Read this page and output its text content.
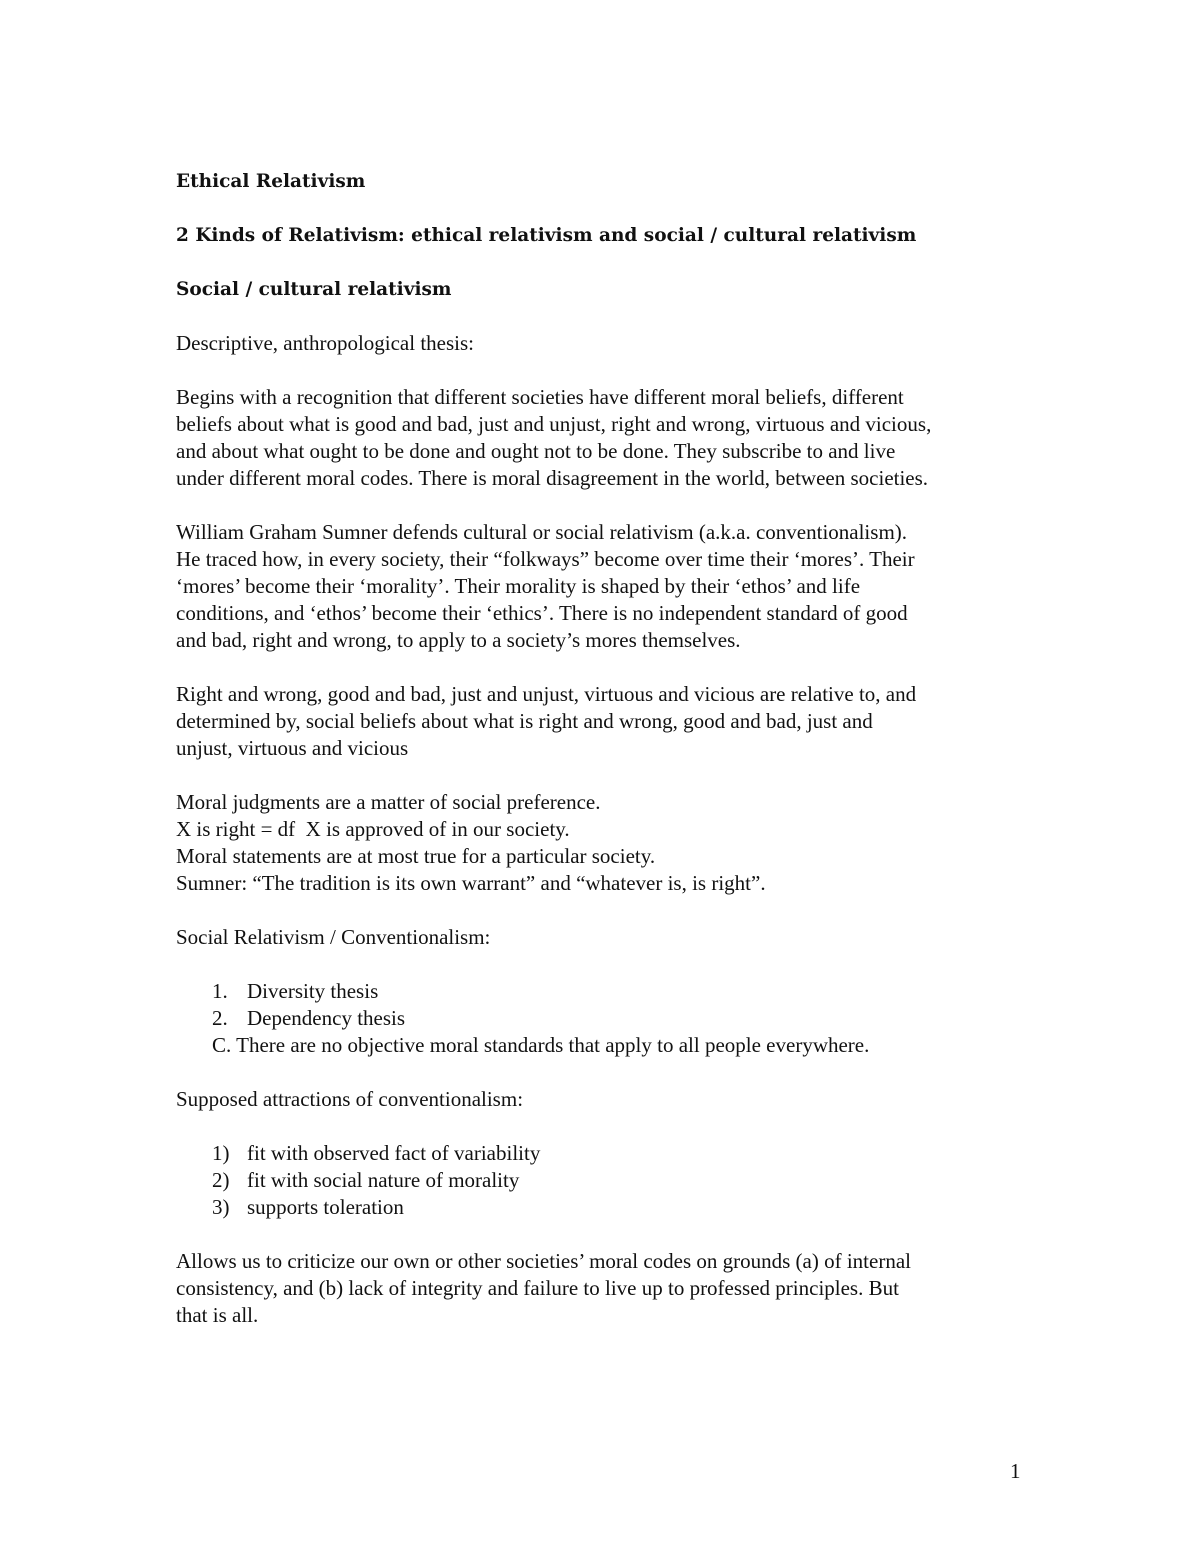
Ethical Relativism

2 Kinds of Relativism: ethical relativism and social / cultural relativism

Social / cultural relativism

Descriptive, anthropological thesis:

Begins with a recognition that different societies have different moral beliefs, different
beliefs about what is good and bad, just and unjust, right and wrong, virtuous and vicious,
and about what ought to be done and ought not to be done. They subscribe to and live
under different moral codes. There is moral disagreement in the world, between societies.

William Graham Sumner defends cultural or social relativism (a.k.a. conventionalism).
He traced how, in every society, their “folkways” become over time their ‘mores’. Their
‘mores’ become their ‘morality’. Their morality is shaped by their ‘ethos’ and life
conditions, and ‘ethos’ become their ‘ethics’. There is no independent standard of good
and bad, right and wrong, to apply to a society’s mores themselves.

Right and wrong, good and bad, just and unjust, virtuous and vicious are relative to, and
determined by, social beliefs about what is right and wrong, good and bad, just and
unjust, virtuous and vicious

Moral judgments are a matter of social preference.
X is right = df  X is approved of in our society.
Moral statements are at most true for a particular society.
Sumner: “The tradition is its own warrant” and “whatever is, is right”.

Social Relativism / Conventionalism:

1. Diversity thesis
2. Dependency thesis

C. There are no objective moral standards that apply to all people everywhere.

Supposed attractions of conventionalism:

1) fit with observed fact of variability
2) fit with social nature of morality
3) supports toleration

Allows us to criticize our own or other societies’ moral codes on grounds (a) of internal
consistency, and (b) lack of integrity and failure to live up to professed principles. But
that is all.

1
